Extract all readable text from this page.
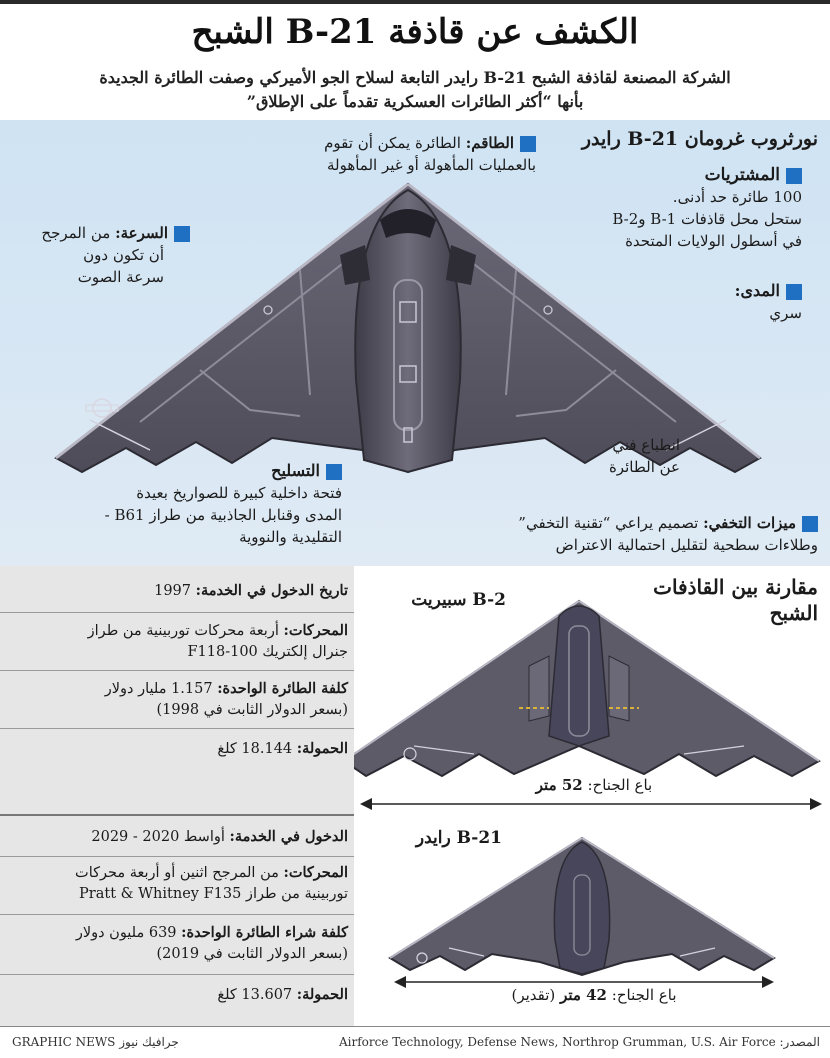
الكشف عن قاذفة B-21 الشبح
الشركة المصنعة لقاذفة الشبح B-21 رايدر التابعة لسلاح الجو الأميركي وصفت الطائرة الجديدة
بأنها “أكثر الطائرات العسكرية تقدماً على الإطلاق”
نورثروب غرومان B-21 رايدر
الطاقم: الطائرة يمكن أن تقوم
بالعمليات المأهولة أو غير المأهولة	المشتريات
100 طائرة حد أدنى.
ستحل محل قاذفات B-1 وB-2
في أسطول الولايات المتحدة
السرعة: من المرجح
أن تكون دون
سرعة الصوت
المدى:
سري
انطباع فني
عن الطائرة
التسليح
فتحة داخلية كبيرة للصواريخ بعيدة
المدى وقنابل الجاذبية من طراز B61 -
التقليدية والنووية
ميزات التخفي: تصميم يراعي “تقنية التخفي”
وطلاءات سطحية لتقليل احتمالية الاعتراض
تاريخ الدخول في الخدمة: 1997
المحركات: أربعة محركات توربينية من طراز
جنرال إلكتريك F118-100
كلفة الطائرة الواحدة: 1.157 مليار دولار
(بسعر الدولار الثابت في 1998)
الحمولة: 18.144 كلغ
الدخول في الخدمة: أواسط 2020 - 2029
المحركات: من المرجح اثنين أو أربعة محركات
توربينية من طراز Pratt & Whitney F135
كلفة شراء الطائرة الواحدة: 639 مليون دولار
(بسعر الدولار الثابت في 2019)
الحمولة: 13.607 كلغ
مقارنة بين القاذفات
الشبح
B-2 سبيريت
باع الجناح: 52 متر
B-21 رايدر
باع الجناح: 42 متر (تقدير)
المصدر: Airforce Technology, Defense News, Northrop Grumman, U.S. Air Force
GRAPHIC NEWS جرافيك نيوز
